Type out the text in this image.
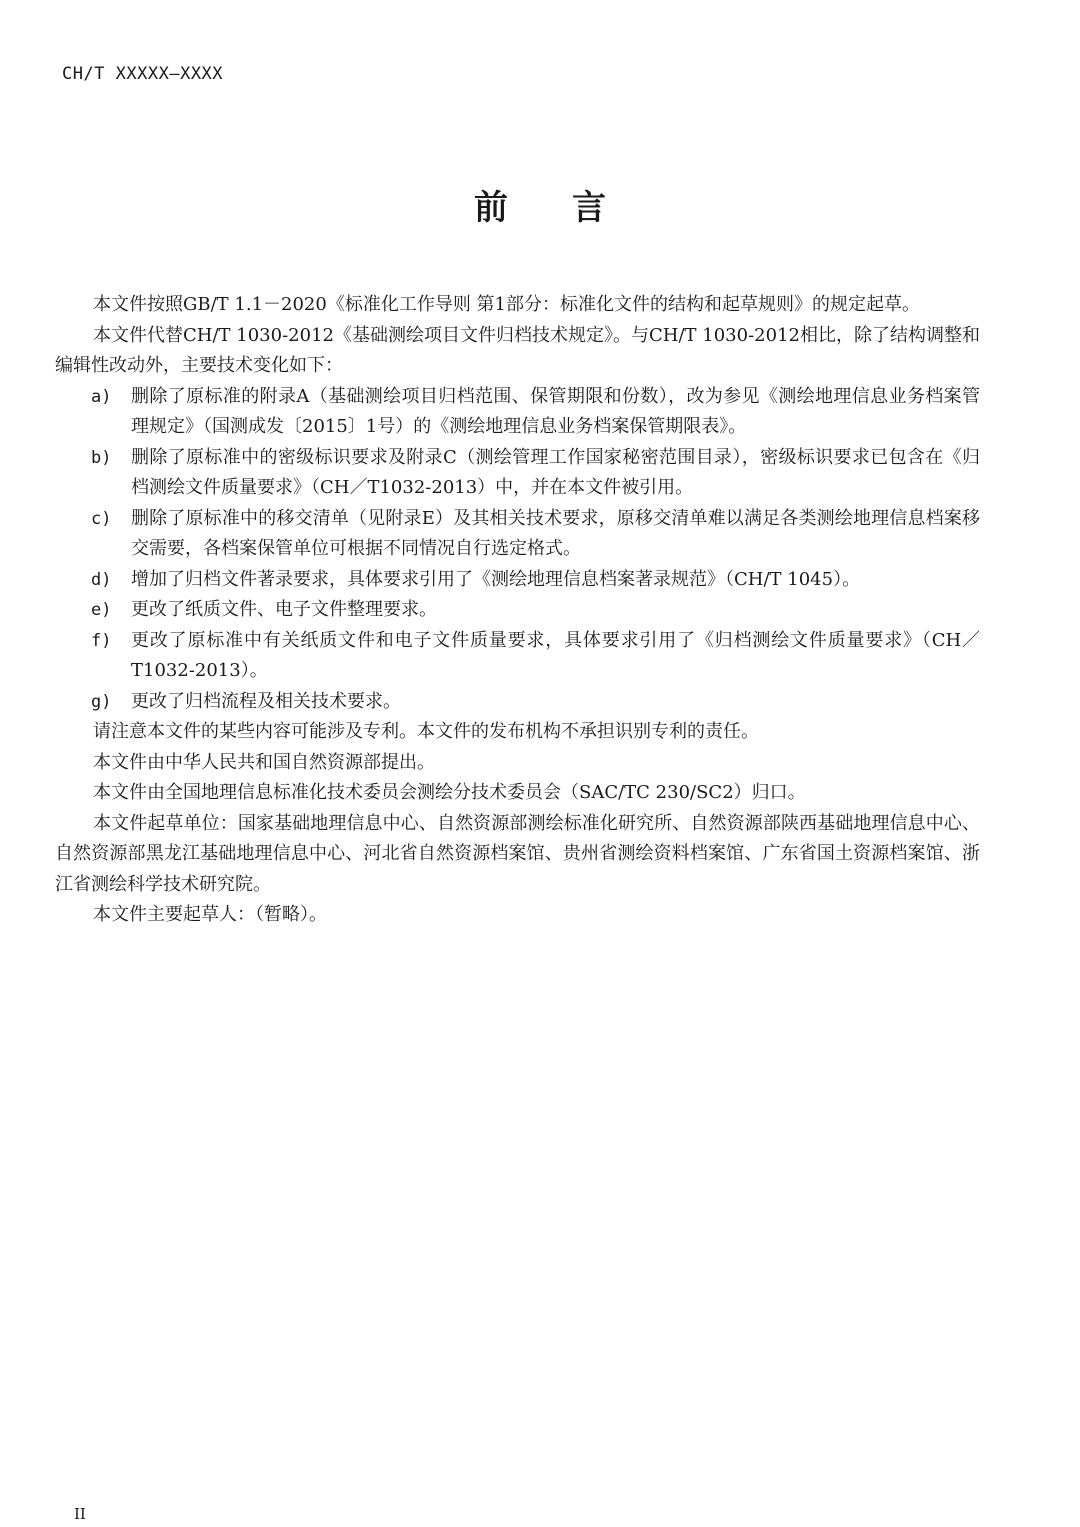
CH/T XXXXX—XXXX
前 言

本文件按照GB/T 1.1－2020《标准化工作导则 第1部分：标准化文件的结构和起草规则》的规定起草。

本文件代替CH/T 1030-2012《基础测绘项目文件归档技术规定》。与CH/T 1030-2012相比，除了结构调整和编辑性改动外，主要技术变化如下：

a)	删除了原标准的附录A（基础测绘项目归档范围、保管期限和份数），改为参见《测绘地理信息业务档案管理规定》（国测成发〔2015〕1号）的《测绘地理信息业务档案保管期限表》。
b)	删除了原标准中的密级标识要求及附录C（测绘管理工作国家秘密范围目录），密级标识要求已包含在《归档测绘文件质量要求》（CH／T1032-2013）中，并在本文件被引用。
c)	删除了原标准中的移交清单（见附录E）及其相关技术要求，原移交清单难以满足各类测绘地理信息档案移交需要，各档案保管单位可根据不同情况自行选定格式。
d)	增加了归档文件著录要求，具体要求引用了《测绘地理信息档案著录规范》（CH/T 1045）。
e)	更改了纸质文件、电子文件整理要求。
f)	更改了原标准中有关纸质文件和电子文件质量要求，具体要求引用了《归档测绘文件质量要求》（CH／T1032-2013）。
g)	更改了归档流程及相关技术要求。

请注意本文件的某些内容可能涉及专利。本文件的发布机构不承担识别专利的责任。

本文件由中华人民共和国自然资源部提出。

本文件由全国地理信息标准化技术委员会测绘分技术委员会（SAC/TC 230/SC2）归口。

本文件起草单位：国家基础地理信息中心、自然资源部测绘标准化研究所、自然资源部陕西基础地理信息中心、自然资源部黑龙江基础地理信息中心、河北省自然资源档案馆、贵州省测绘资料档案馆、广东省国土资源档案馆、浙江省测绘科学技术研究院。

本文件主要起草人：（暂略）。

II
